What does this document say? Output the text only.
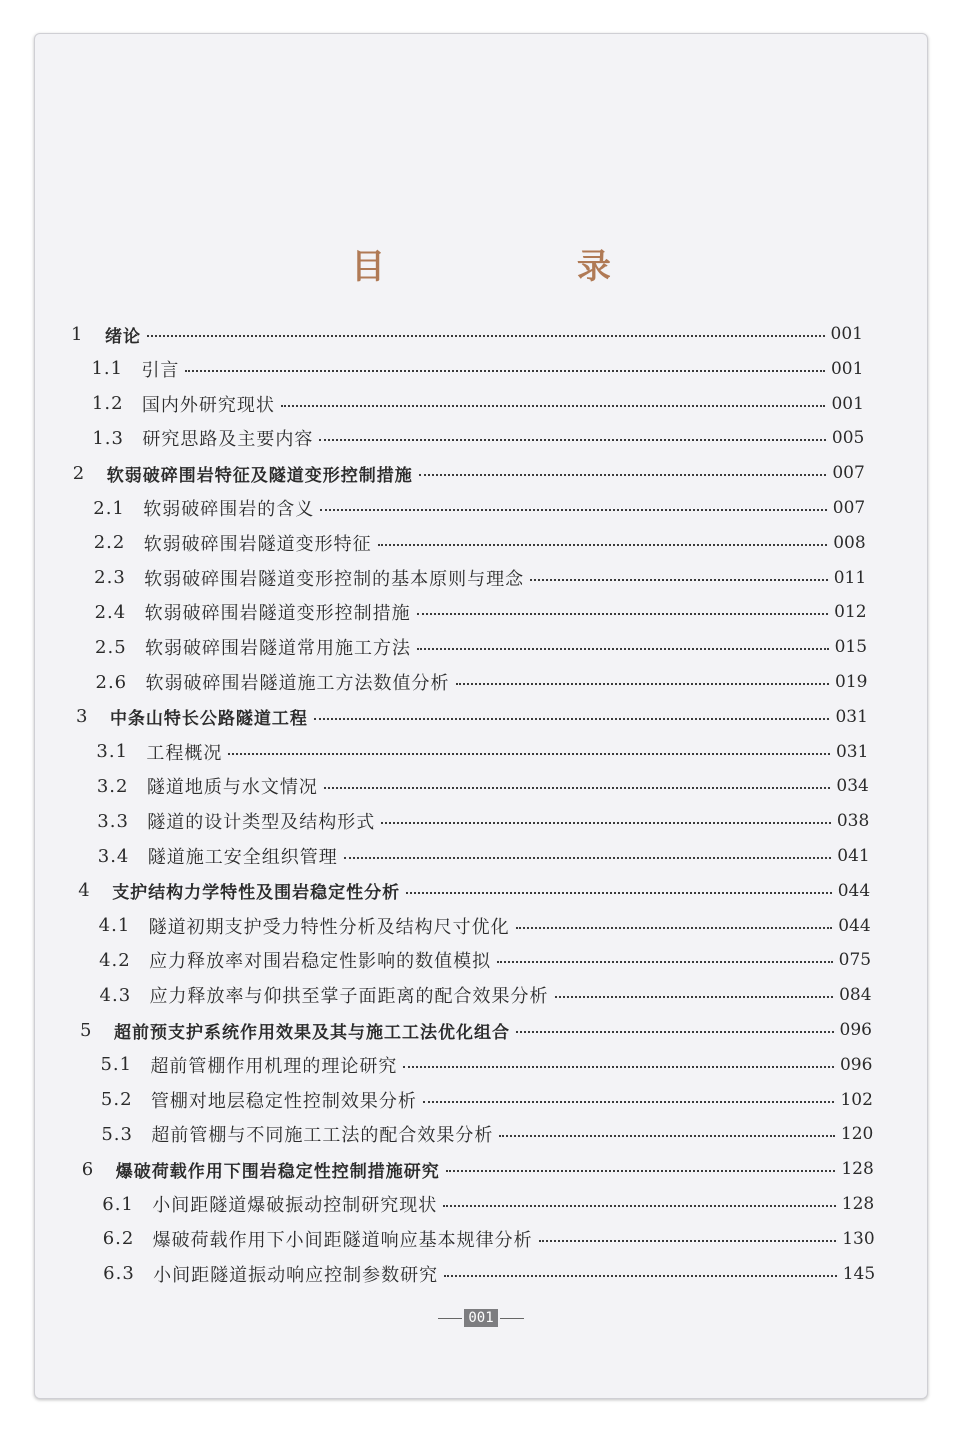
目 录
1	绪论	001
1.1	引言	001
1.2	国内外研究现状	001
1.3	研究思路及主要内容	005
2	软弱破碎围岩特征及隧道变形控制措施	007
2.1	软弱破碎围岩的含义	007
2.2	软弱破碎围岩隧道变形特征	008
2.3	软弱破碎围岩隧道变形控制的基本原则与理念	011
2.4	软弱破碎围岩隧道变形控制措施	012
2.5	软弱破碎围岩隧道常用施工方法	015
2.6	软弱破碎围岩隧道施工方法数值分析	019
3	中条山特长公路隧道工程	031
3.1	工程概况	031
3.2	隧道地质与水文情况	034
3.3	隧道的设计类型及结构形式	038
3.4	隧道施工安全组织管理	041
4	支护结构力学特性及围岩稳定性分析	044
4.1	隧道初期支护受力特性分析及结构尺寸优化	044
4.2	应力释放率对围岩稳定性影响的数值模拟	075
4.3	应力释放率与仰拱至掌子面距离的配合效果分析	084
5	超前预支护系统作用效果及其与施工工法优化组合	096
5.1	超前管棚作用机理的理论研究	096
5.2	管棚对地层稳定性控制效果分析	102
5.3	超前管棚与不同施工工法的配合效果分析	120
6	爆破荷载作用下围岩稳定性控制措施研究	128
6.1	小间距隧道爆破振动控制研究现状	128
6.2	爆破荷载作用下小间距隧道响应基本规律分析	130
6.3	小间距隧道振动响应控制参数研究	145
001
